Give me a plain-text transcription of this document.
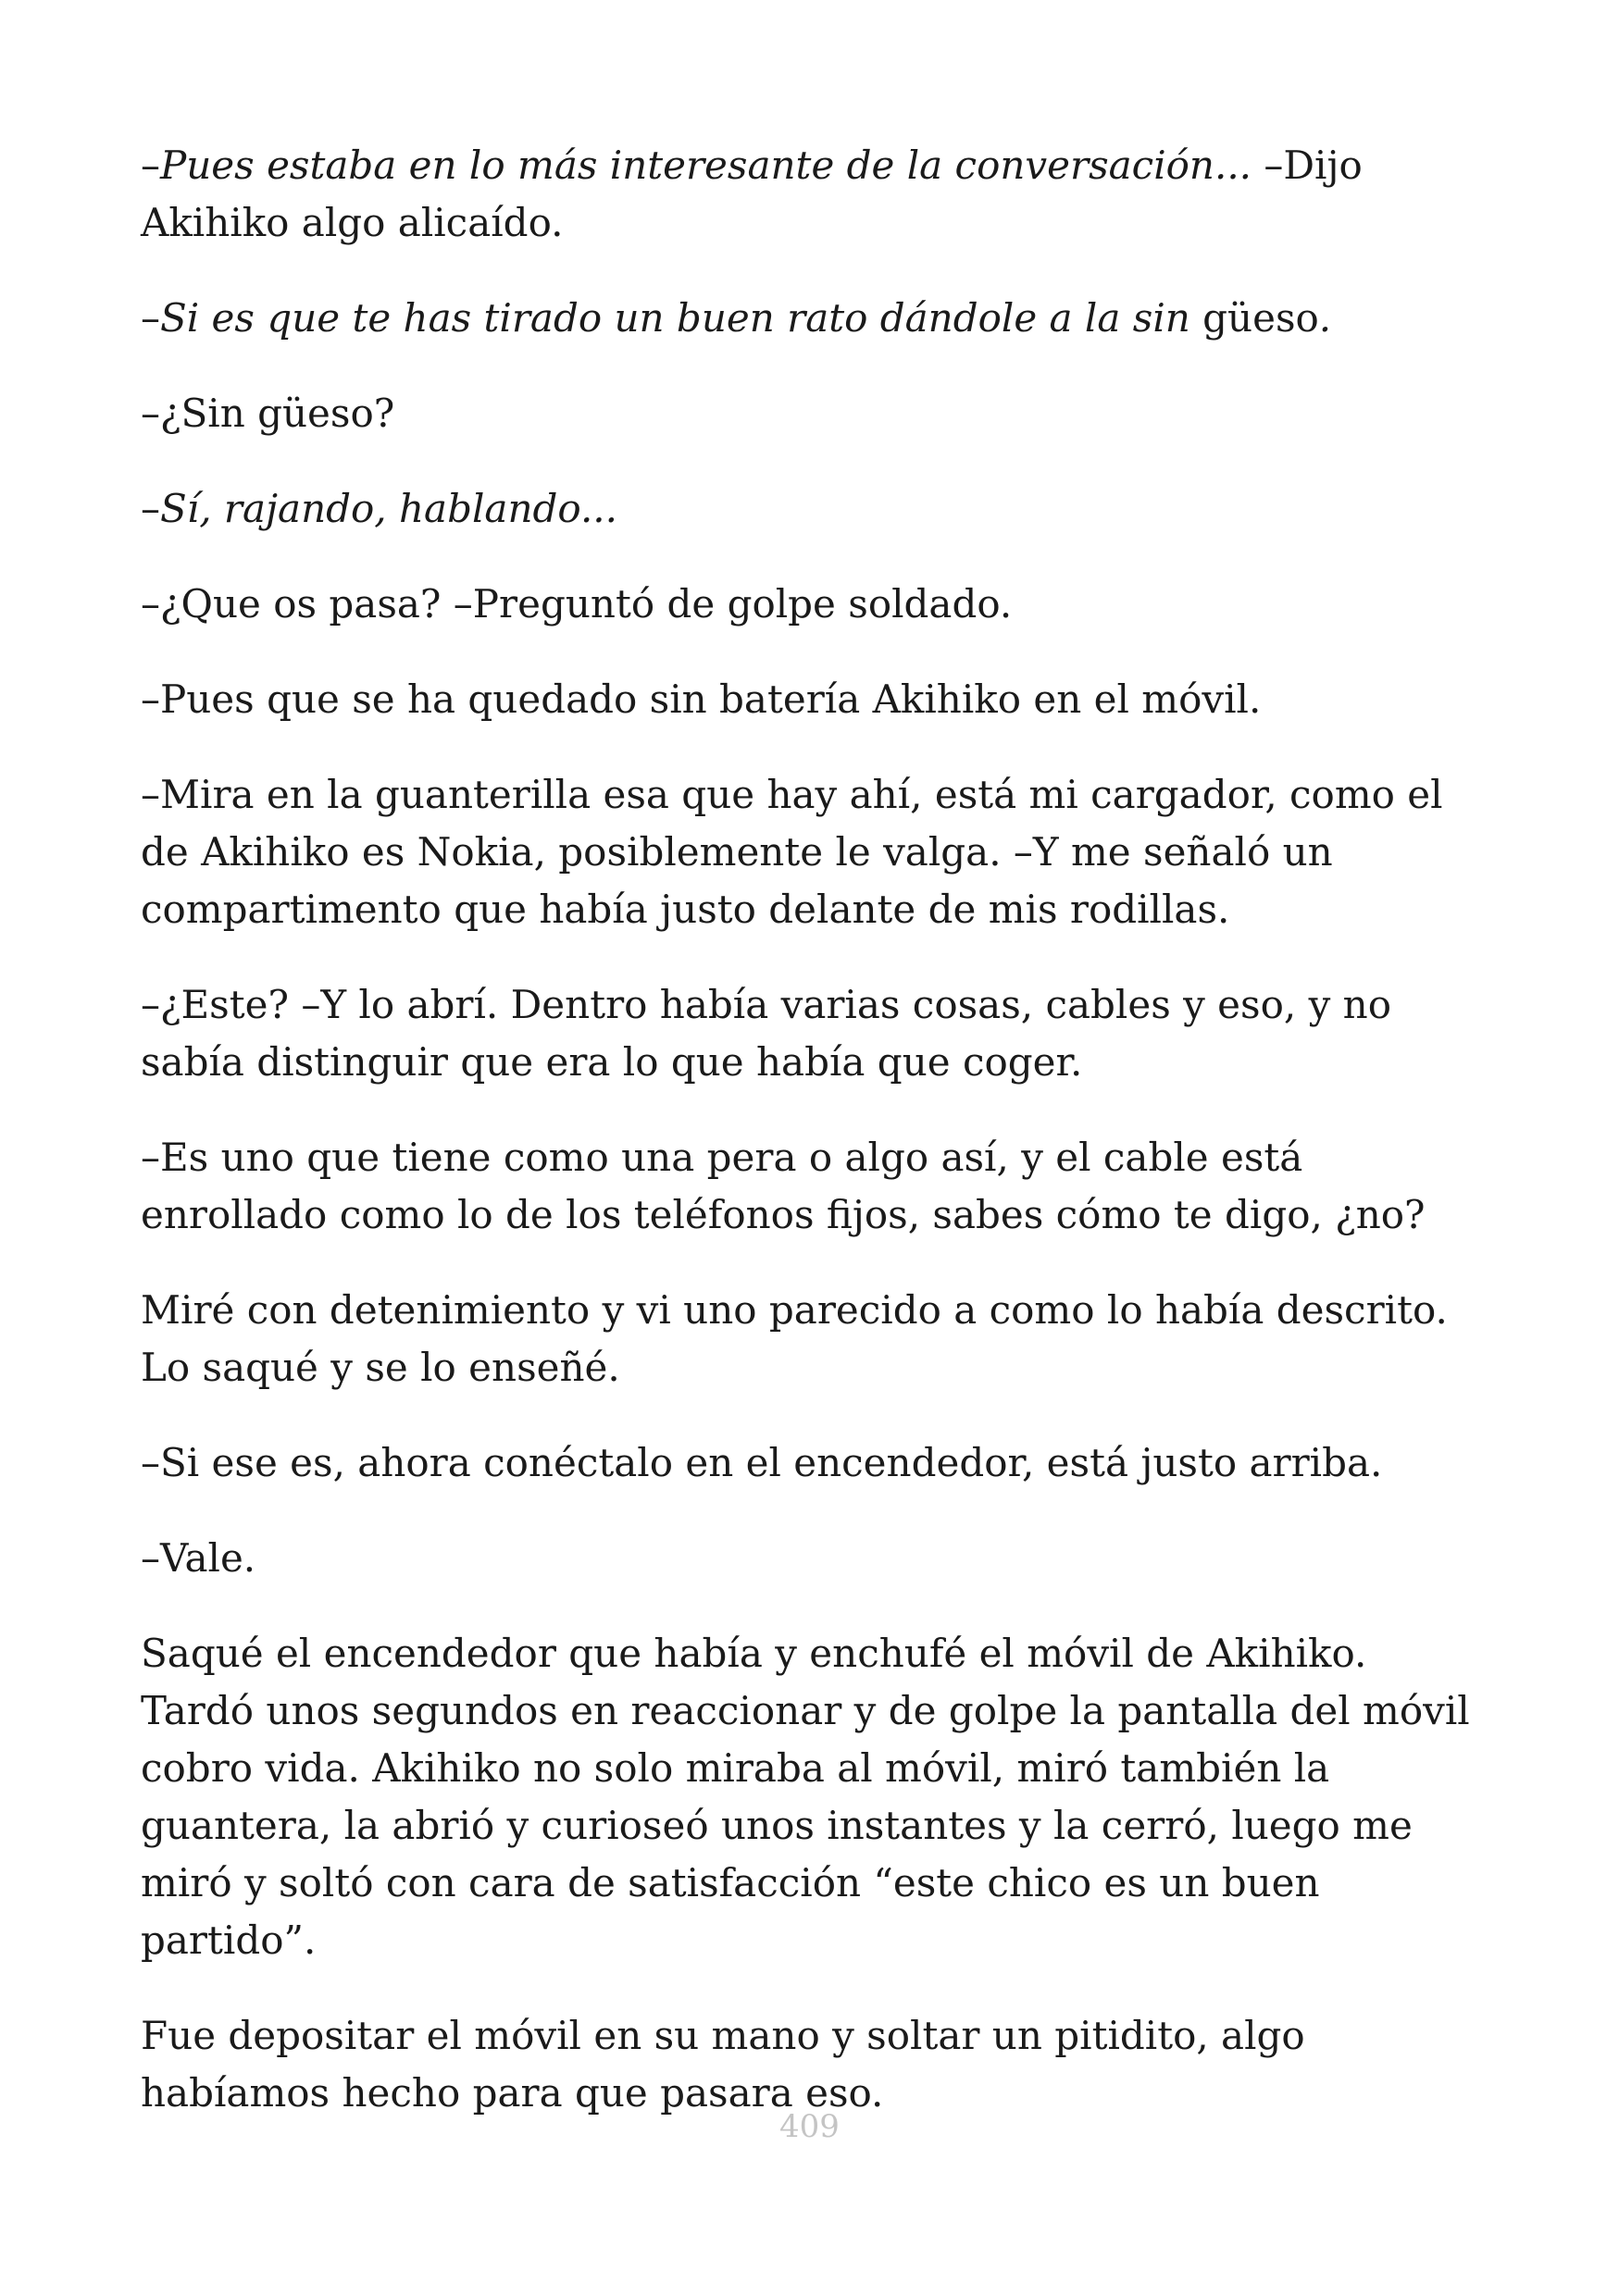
–Pues estaba en lo más interesante de la conversación... –Dijo Akihiko algo alicaído.

–Si es que te has tirado un buen rato dándole a la sin güeso.

–¿Sin güeso?

–Sí, rajando, hablando...

–¿Que os pasa? –Preguntó de golpe soldado.

–Pues que se ha quedado sin batería Akihiko en el móvil.

–Mira en la guanterilla esa que hay ahí, está mi cargador, como el de Akihiko es Nokia, posiblemente le valga. –Y me señaló un compartimento que había justo delante de mis rodillas.

–¿Este? –Y lo abrí. Dentro había varias cosas, cables y eso, y no sabía distinguir que era lo que había que coger.

–Es uno que tiene como una pera o algo así, y el cable está enrollado como lo de los teléfonos fijos, sabes cómo te digo, ¿no?

Miré con detenimiento y vi uno parecido a como lo había descrito. Lo saqué y se lo enseñé.

–Si ese es, ahora conéctalo en el encendedor, está justo arriba.

–Vale.

Saqué el encendedor que había y enchufé el móvil de Akihiko. Tardó unos segundos en reaccionar y de golpe la pantalla del móvil cobro vida. Akihiko no solo miraba al móvil, miró también la guantera, la abrió y curioseó unos instantes y la cerró, luego me miró y soltó con cara de satisfacción “este chico es un buen partido”.

Fue depositar el móvil en su mano y soltar un pitidito, algo habíamos hecho para que pasara eso.

409
